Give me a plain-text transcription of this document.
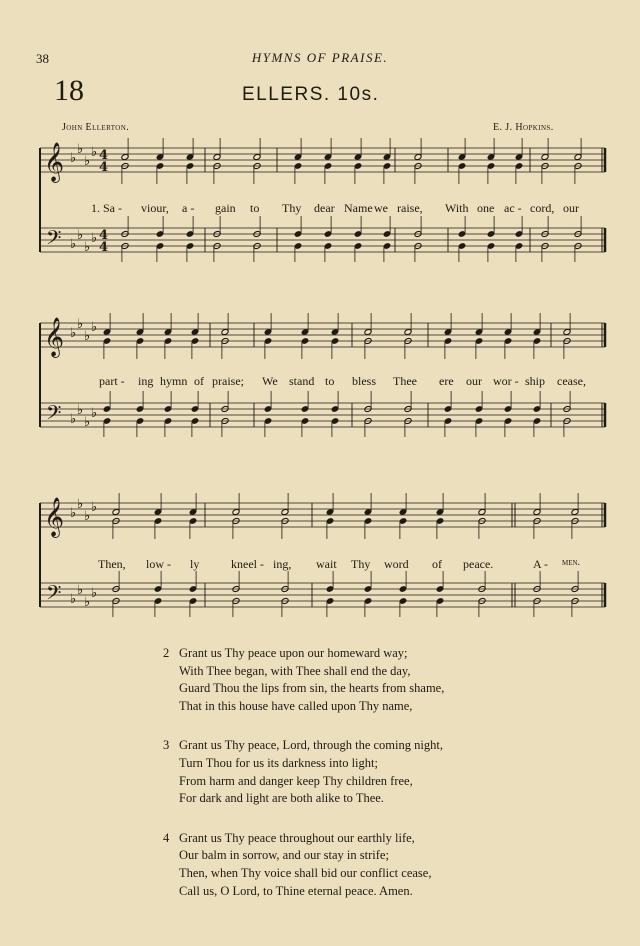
38	HYMNS OF PRAISE.
18	ELLERS. 10s.
John Ellerton.	E. J. Hopkins.
𝄞
𝄢
♭
♭
♭
♭
♭
♭
♭
♭
4
4
4
4
1. Sa - viour, a - gain to Thy dear Name we raise, With one ac - cord, our
𝄞
𝄢
♭
♭
♭
♭
♭
♭
♭
♭
part - ing hymn of praise; We stand to bless Thee ere our wor - ship cease,
𝄞
𝄢
♭
♭
♭
♭
♭
♭
♭
♭
Then, low - ly	kneel - ing, wait Thy word of peace.	A - men.
2 Grant us Thy peace upon our homeward way;
With Thee began, with Thee shall end the day,
Guard Thou the lips from sin, the hearts from shame,
That in this house have called upon Thy name,
3 Grant us Thy peace, Lord, through the coming night,
Turn Thou for us its darkness into light;
From harm and danger keep Thy children free,
For dark and light are both alike to Thee.
4 Grant us Thy peace throughout our earthly life,
Our balm in sorrow, and our stay in strife;
Then, when Thy voice shall bid our conflict cease,
Call us, O Lord, to Thine eternal peace. Amen.
